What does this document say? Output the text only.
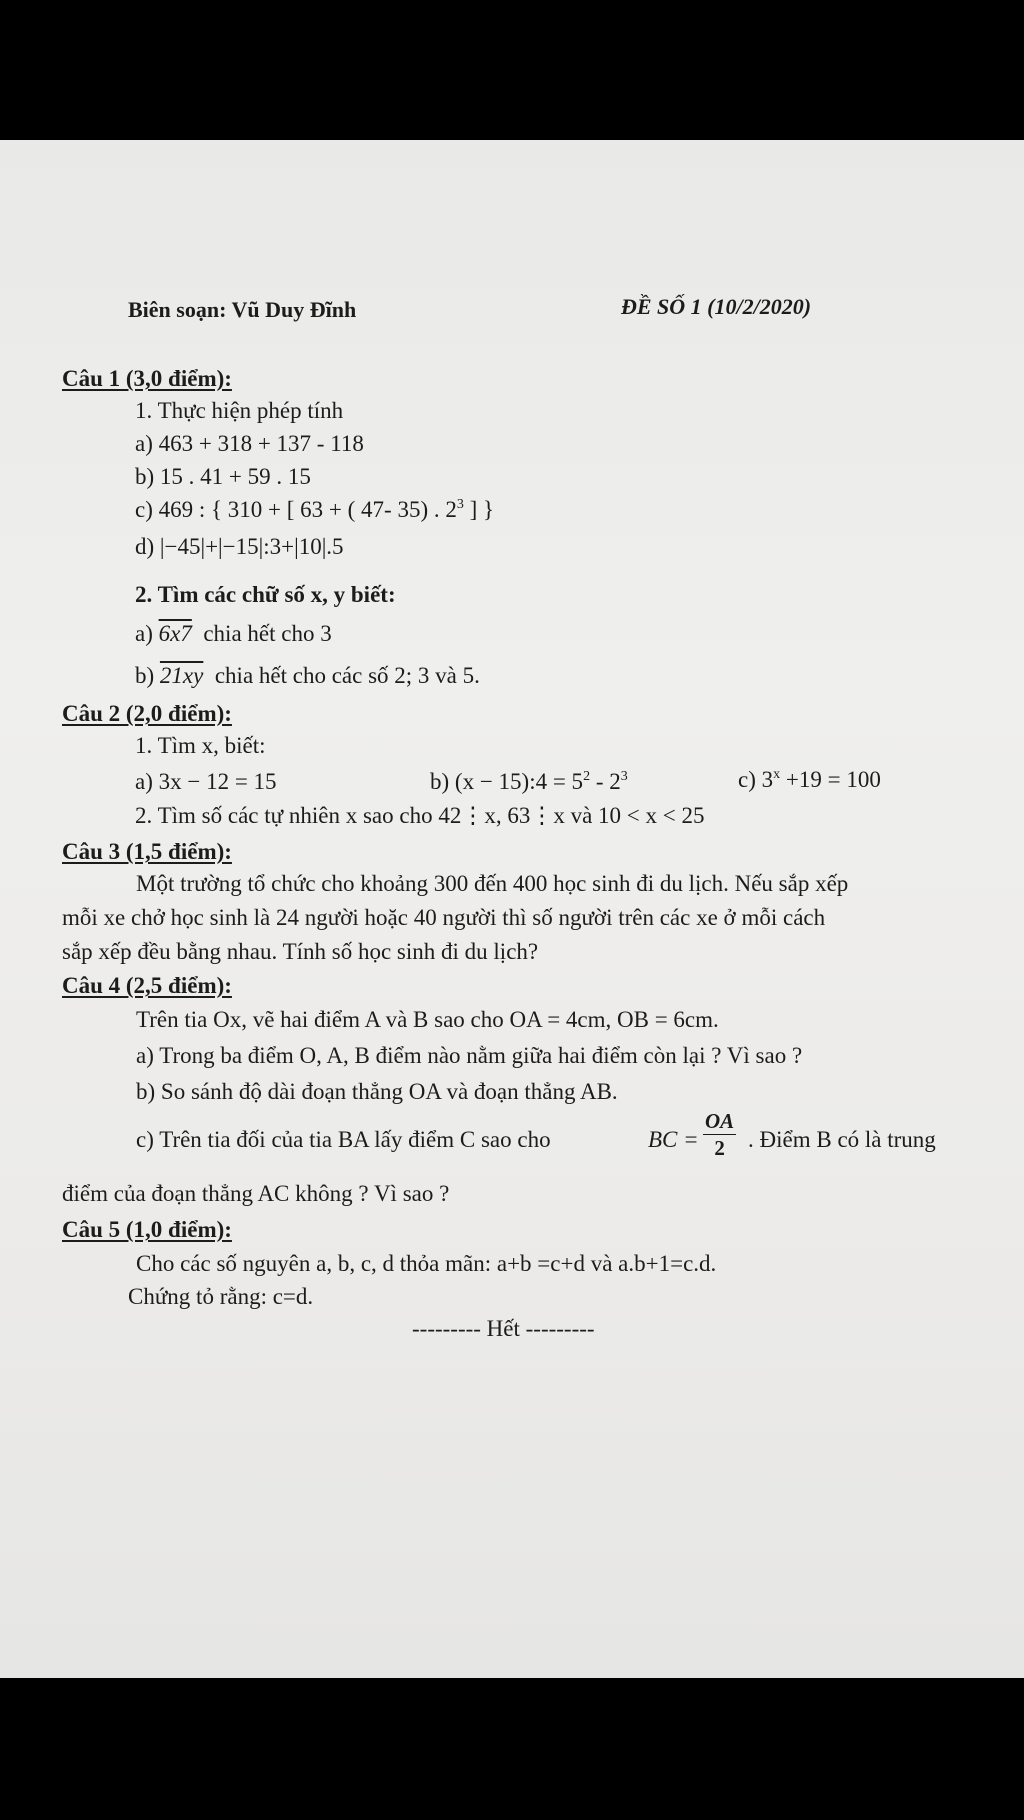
Biên soạn: Vũ Duy Đĩnh	ĐỀ SỐ 1 (10/2/2020)
Câu 1 (3,0 điểm):
1. Thực hiện phép tính
a) 463 + 318 + 137 - 118
b) 15 . 41 + 59 . 15
c) 469 : { 310 + [ 63 + ( 47- 35) . $2^3$ ] }
d) |−45|+|−15|:3+|10|.5
2. Tìm các chữ số x, y biết:
a) 6x7 chia hết cho 3
b) 21xy chia hết cho các số 2; 3 và 5.
Câu 2 (2,0 điểm):
1. Tìm x, biết:
a) 3x − 12 = 15	b) (x − 15):4 = $5^2 - 2^3$	c) $3^x +19 = 100$
2. Tìm số các tự nhiên x sao cho 42⋮x, 63⋮x và 10 < x < 25
Câu 3 (1,5 điểm):
Một trường tổ chức cho khoảng 300 đến 400 học sinh đi du lịch. Nếu sắp xếp
mỗi xe chở học sinh là 24 người hoặc 40 người thì số người trên các xe ở mỗi cách
sắp xếp đều bằng nhau. Tính số học sinh đi du lịch?
Câu 4 (2,5 điểm):
Trên tia Ox, vẽ hai điểm A và B sao cho OA = 4cm, OB = 6cm.
a) Trong ba điểm O, A, B điểm nào nằm giữa hai điểm còn lại ? Vì sao ?
b) So sánh độ dài đoạn thẳng OA và đoạn thẳng AB.
c) Trên tia đối của tia BA lấy điểm C sao cho	BC = $\frac{OA}{2}$ . Điểm B có là trung
điểm của đoạn thẳng AC không ? Vì sao ?
Câu 5 (1,0 điểm):
Cho các số nguyên a, b, c, d thỏa mãn: a+b =c+d và a.b+1=c.d.
Chứng tỏ rằng: c=d.
--------- Hết ---------
